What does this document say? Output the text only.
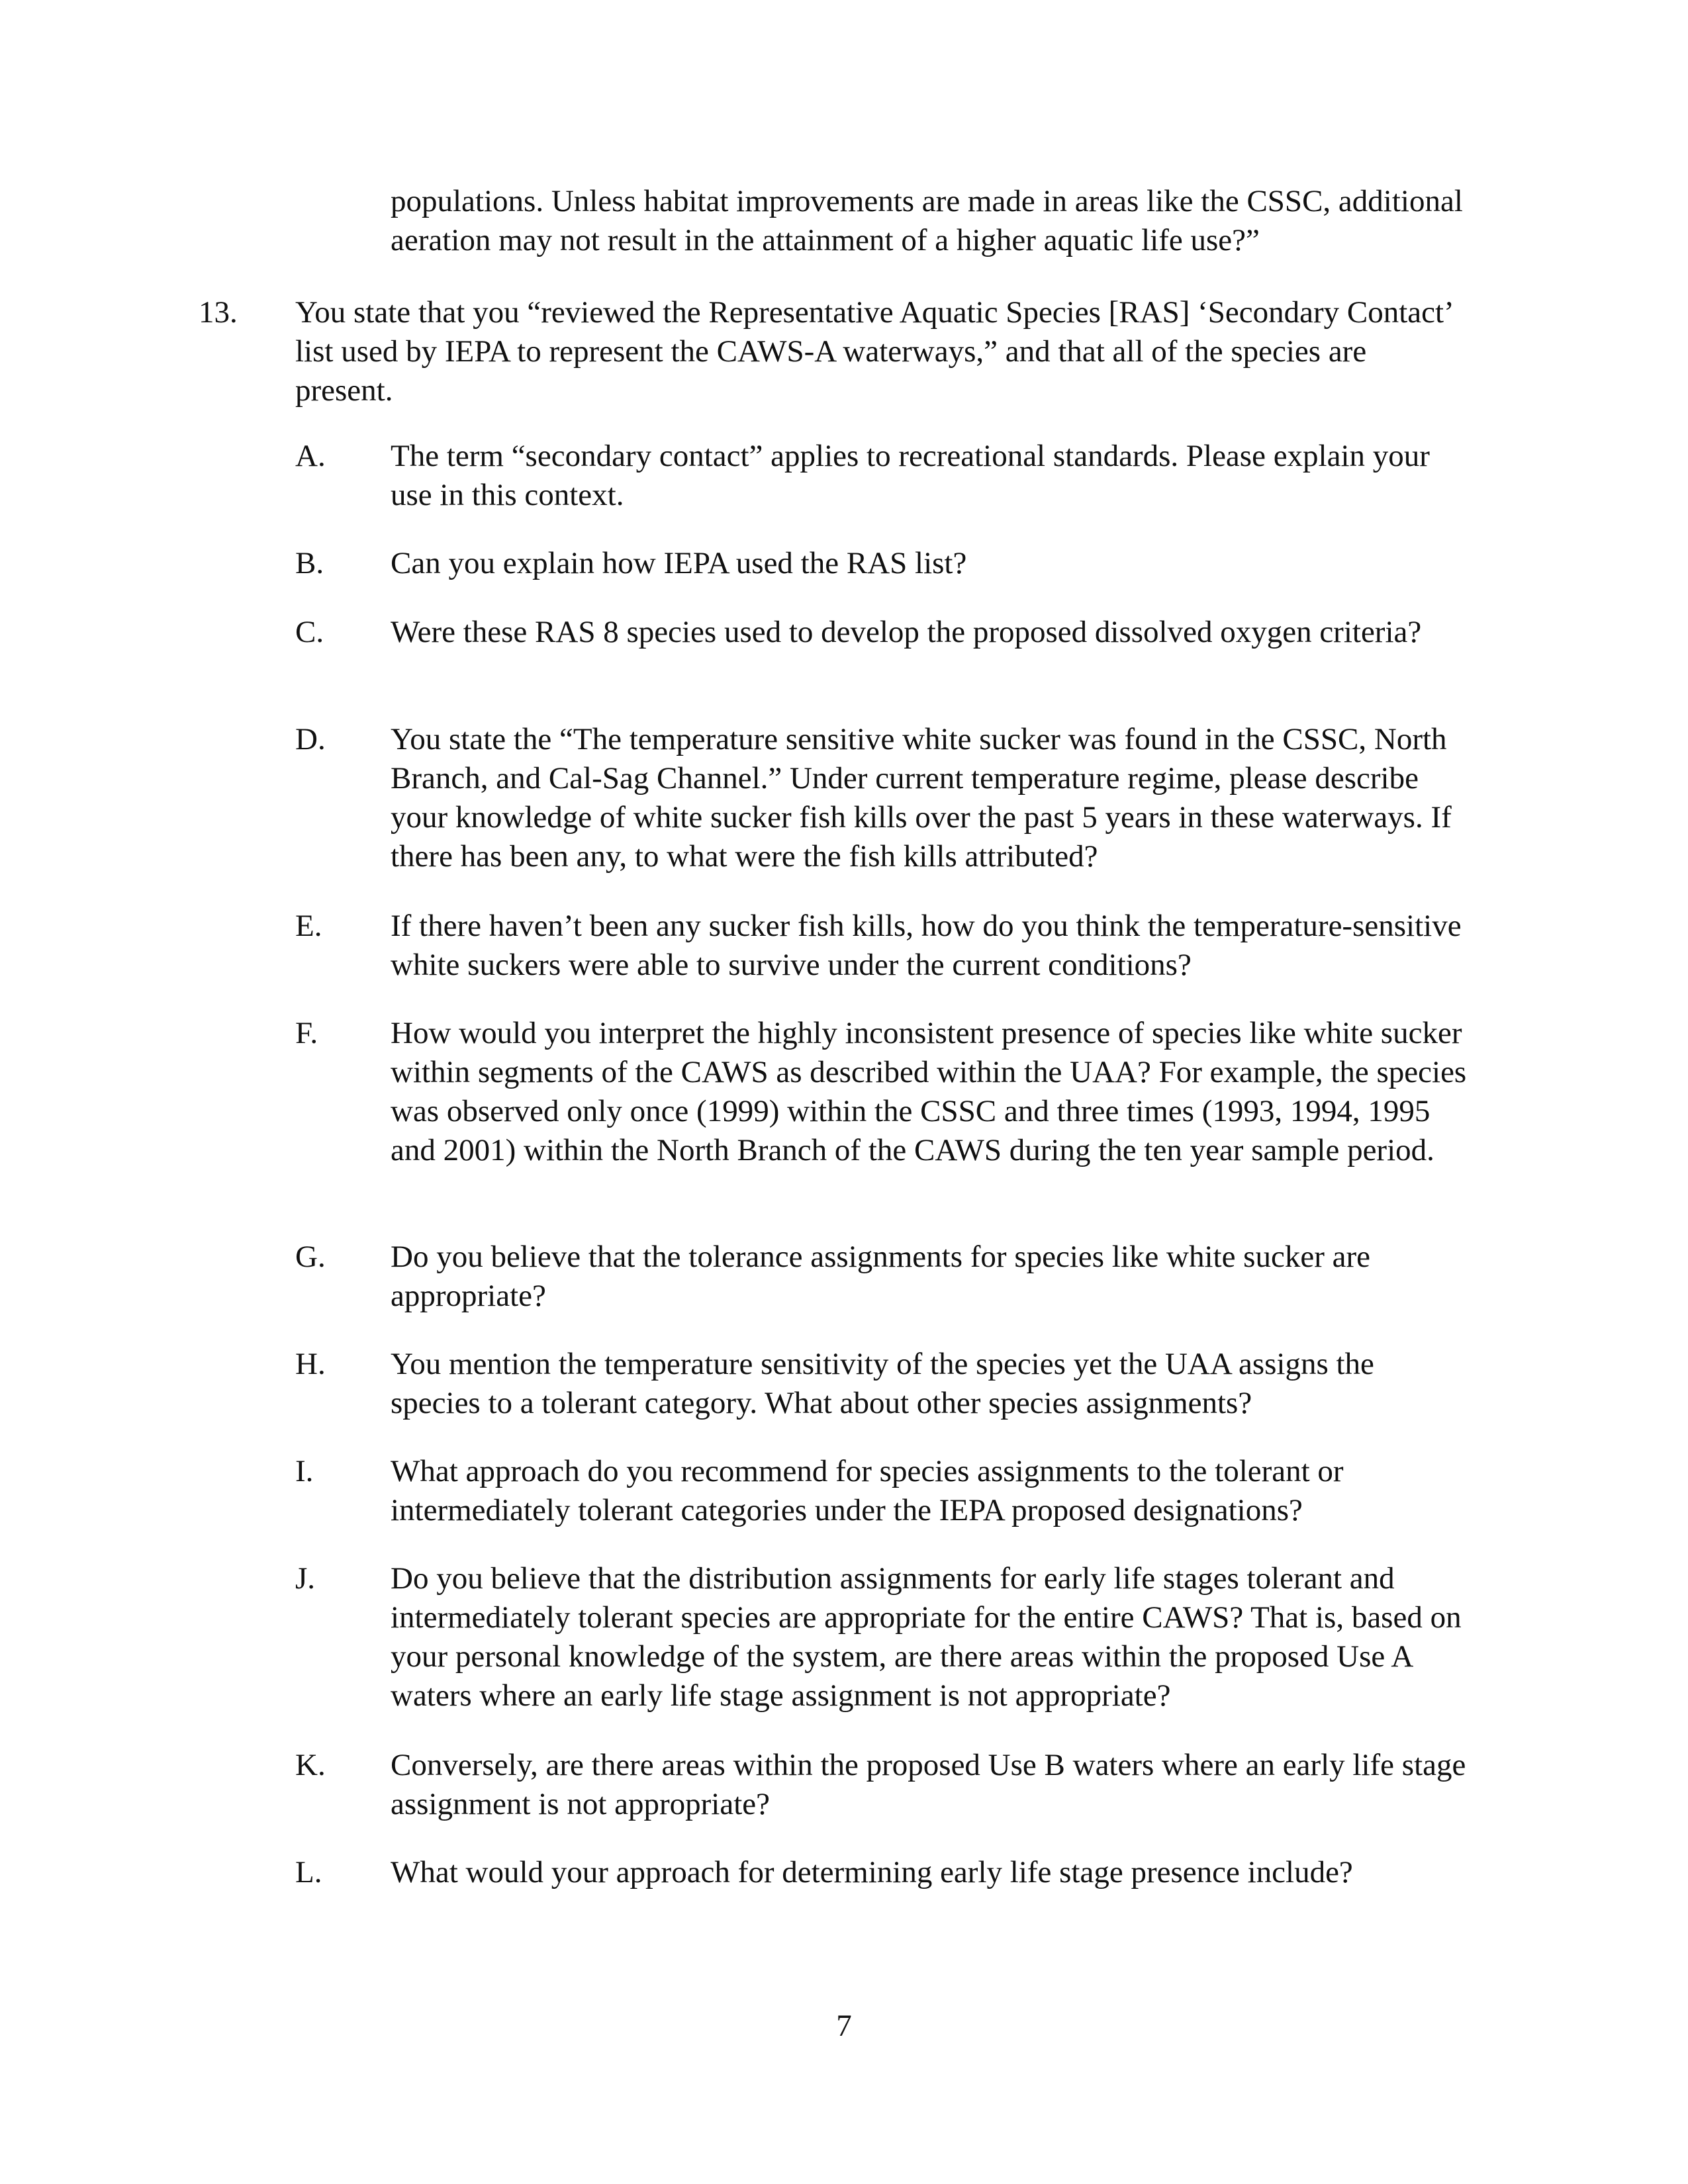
populations. Unless habitat improvements are made in areas like the CSSC, additional aeration may not result in the attainment of a higher aquatic life use?”

13. You state that you “reviewed the Representative Aquatic Species [RAS] ‘Secondary Contact’ list used by IEPA to represent the CAWS-A waterways,” and that all of the species are present.

A.	The term “secondary contact” applies to recreational standards. Please explain your use in this context.
B.	Can you explain how IEPA used the RAS list?
C.	Were these RAS 8 species used to develop the proposed dissolved oxygen criteria?
D.	You state the “The temperature sensitive white sucker was found in the CSSC, North Branch, and Cal-Sag Channel.” Under current temperature regime, please describe your knowledge of white sucker fish kills over the past 5 years in these waterways. If there has been any, to what were the fish kills attributed?
E.	If there haven’t been any sucker fish kills, how do you think the temperature-sensitive white suckers were able to survive under the current conditions?
F.	How would you interpret the highly inconsistent presence of species like white sucker within segments of the CAWS as described within the UAA? For example, the species was observed only once (1999) within the CSSC and three times (1993, 1994, 1995 and 2001) within the North Branch of the CAWS during the ten year sample period.
G.	Do you believe that the tolerance assignments for species like white sucker are appropriate?
H.	You mention the temperature sensitivity of the species yet the UAA assigns the species to a tolerant category. What about other species assignments?
I.	What approach do you recommend for species assignments to the tolerant or intermediately tolerant categories under the IEPA proposed designations?
J.	Do you believe that the distribution assignments for early life stages tolerant and intermediately tolerant species are appropriate for the entire CAWS? That is, based on your personal knowledge of the system, are there areas within the proposed Use A waters where an early life stage assignment is not appropriate?
K.	Conversely, are there areas within the proposed Use B waters where an early life stage assignment is not appropriate?
L.	What would your approach for determining early life stage presence include?
7
